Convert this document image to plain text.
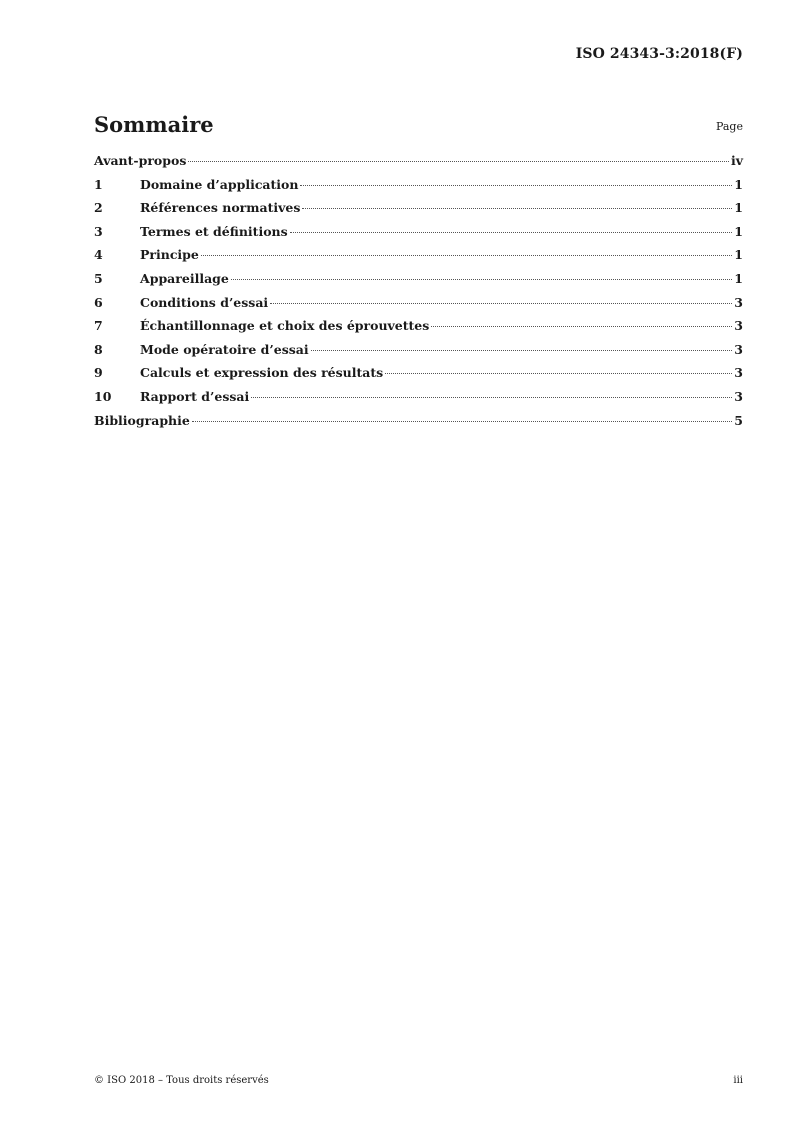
ISO 24343-3:2018(F)
Sommaire	Page
Avant-propos	iv
1	Domaine d’application	1
2	Références normatives	1
3	Termes et définitions	1
4	Principe	1
5	Appareillage	1
6	Conditions d’essai	3
7	Échantillonnage et choix des éprouvettes	3
8	Mode opératoire d’essai	3
9	Calculs et expression des résultats	3
10	Rapport d’essai	3
Bibliographie	5
© ISO 2018 – Tous droits réservés	iii
